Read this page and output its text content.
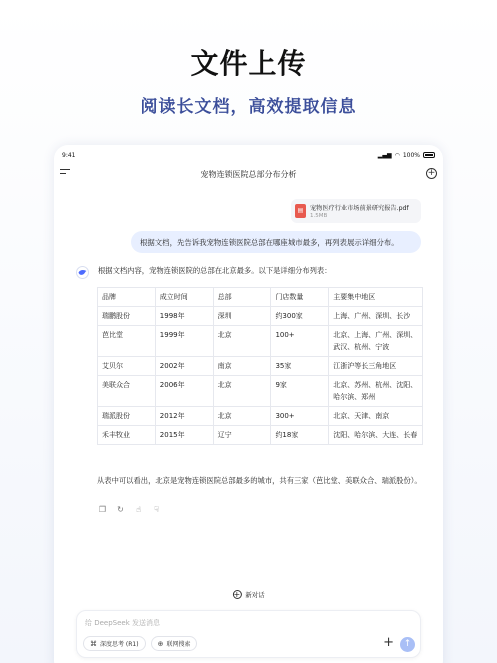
文件上传
阅读长文档，高效提取信息
9:41	▂▄▆ ◠ 100%
宠物连锁医院总部分布分析	+
▤	宠物医疗行业市场前景研究报告.pdf
1.5MB
根据文档，先告诉我宠物连锁医院总部在哪座城市最多，再列表展示详细分布。
根据文档内容，宠物连锁医院的总部在北京最多。以下是详细分布列表：
品牌	成立时间	总部	门店数量	主要集中地区
瑞鹏股份	1998年	深圳	约300家	上海、广州、深圳、长沙
芭比堂	1999年	北京	100+	北京、上海、广州、深圳、武汉、杭州、宁波
艾贝尔	2002年	南京	35家	江浙沪等长三角地区
美联众合	2006年	北京	9家	北京、苏州、杭州、沈阳、哈尔滨、郑州
瑞派股份	2012年	北京	300+	北京、天津、南京
禾丰牧业	2015年	辽宁	约18家	沈阳、哈尔滨、大连、长春
从表中可以看出，北京是宠物连锁医院总部最多的城市，共有三家（芭比堂、美联众合、瑞派股份）。
❐ ↻ ☝ ☟
+ 新对话
给 DeepSeek 发送消息
⌘ 深度思考 (R1)	⊕ 联网搜索	+	↑
